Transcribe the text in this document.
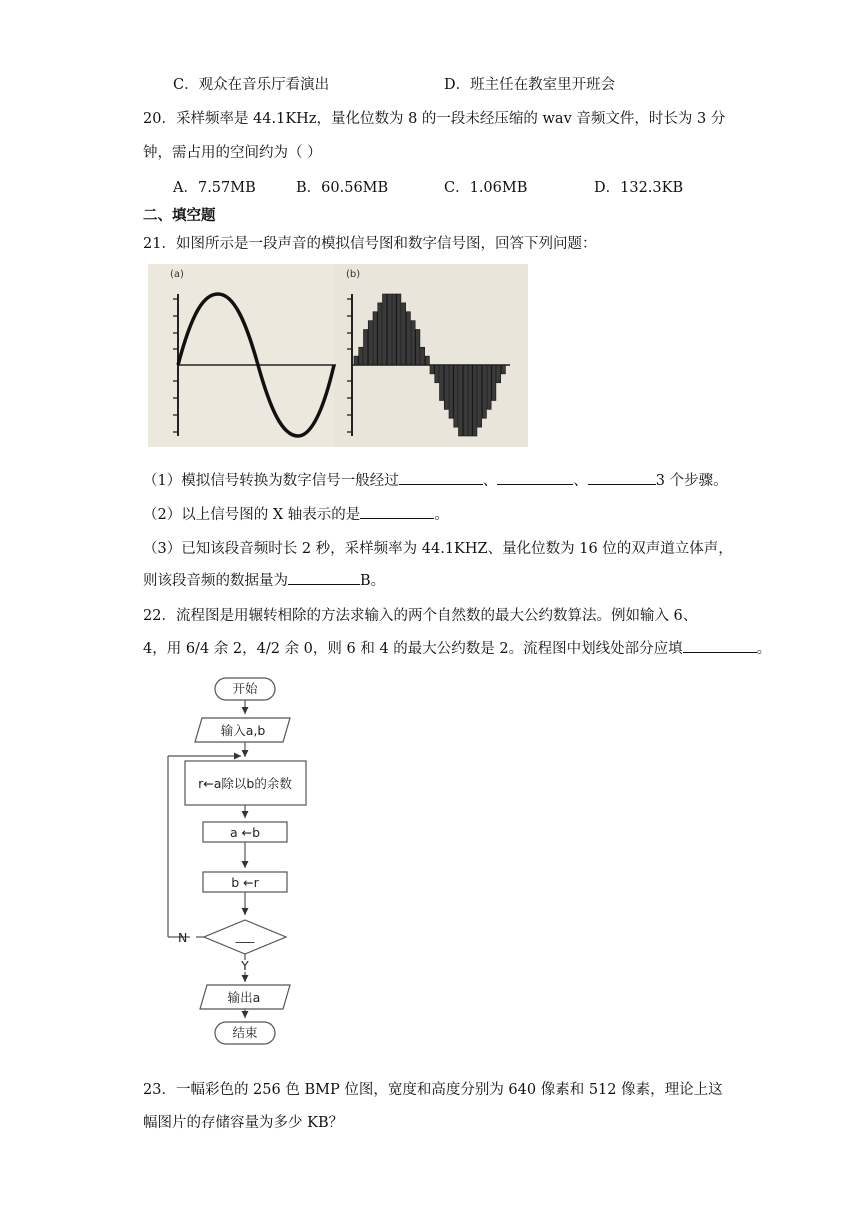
C．观众在音乐厅看演出	D．班主任在教室里开班会
20．采样频率是 44.1KHz，量化位数为 8 的一段未经压缩的 wav 音频文件，时长为 3 分
钟，需占用的空间约为（ ）
A．7.57MB	B．60.56MB	C．1.06MB	D．132.3KB
二、填空题
21．如图所示是一段声音的模拟信号图和数字信号图，回答下列问题：
(a)	(b)
（1）模拟信号转换为数字信号一般经过	、	、	3 个步骤。
（2）以上信号图的 X 轴表示的是	。
（3）已知该段音频时长 2 秒，采样频率为 44.1KHZ、量化位数为 16 位的双声道立体声，
则该段音频的数据量为	B。
22．流程图是用辗转相除的方法求输入的两个自然数的最大公约数算法。例如输入 6、
4，用 6/4 余 2，4/2 余 0，则 6 和 4 的最大公约数是 2。流程图中划线处部分应填	。
开始
输入a,b
r←a除以b的余数
a ←b
b ←r
___
N
Y
输出a
结束
23．一幅彩色的 256 色 BMP 位图，宽度和高度分别为 640 像素和 512 像素，理论上这
幅图片的存储容量为多少 KB？
